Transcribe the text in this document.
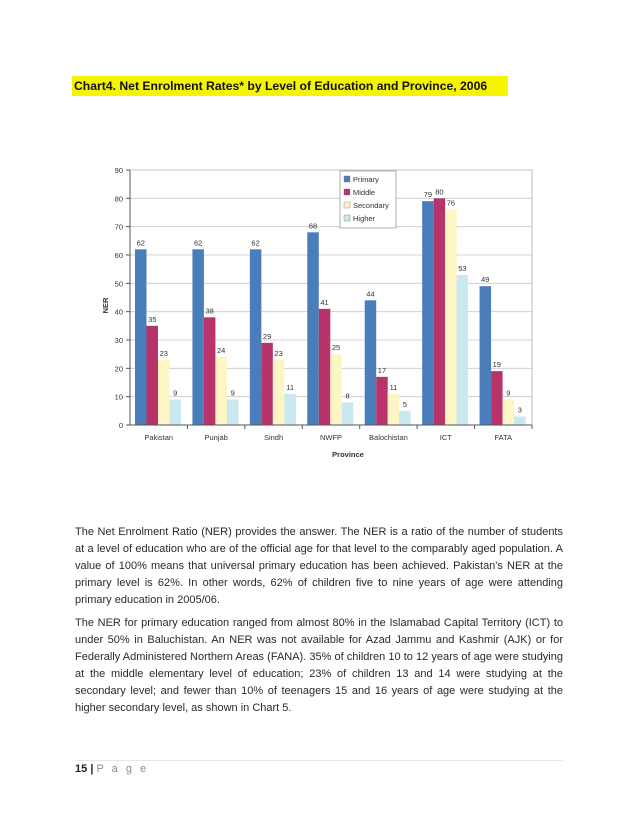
Chart4. Net Enrolment Rates* by Level of Education and Province, 2006
0
10
20
30
40
50
60
70
80
90
Pakistan	Punjab	Sindh	NWFP	Balochistan	ICT	FATA
Province
NER
62
35
23
9
62
38
24
9
62
29
23
11
68
41
25
8
44
17
11
5
79 80
76
53
49
19
9
3
Primary
Middle
Secondary
Higher

The Net Enrolment Ratio (NER) provides the answer. The NER is a ratio of the number of students at a level of education who are of the official age for that level to the comparably aged population. A value of 100% means that universal primary education has been achieved. Pakistan's NER at the primary level is 62%. In other words, 62% of children five to nine years of age were attending primary education in 2005/06.

The NER for primary education ranged from almost 80% in the Islamabad Capital Territory (ICT) to under 50% in Baluchistan. An NER was not available for Azad Jammu and Kashmir (AJK) or for Federally Administered Northern Areas (FANA). 35% of children 10 to 12 years of age were studying at the middle elementary level of education; 23% of children 13 and 14 were studying at the secondary level; and fewer than 10% of teenagers 15 and 16 years of age were studying at the higher secondary level, as shown in Chart 5.

15 | P a g e
